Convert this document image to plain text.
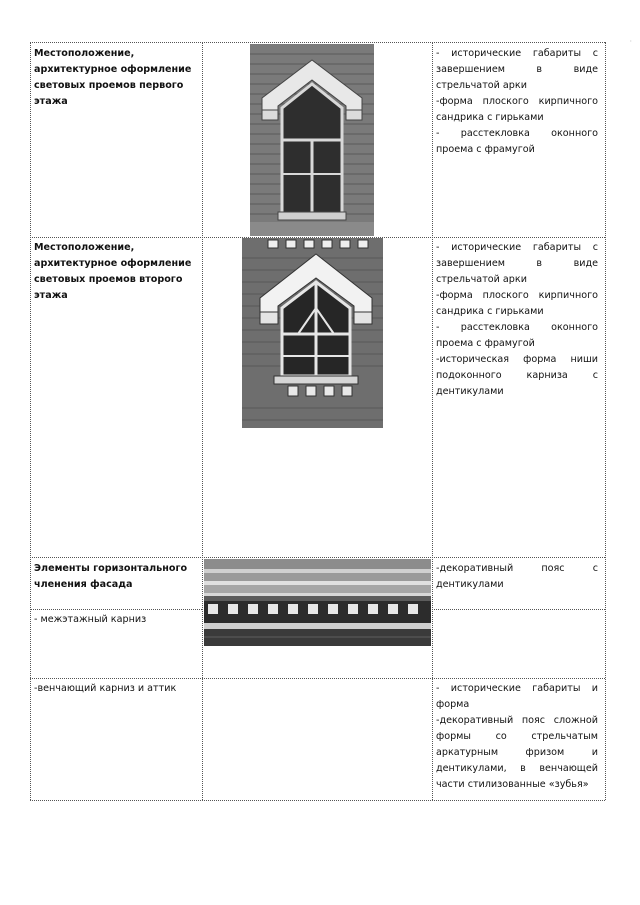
·
Местоположение, архитектурное оформление световых проемов первого этажа
- исторические габариты с завершением в виде стрельчатой арки
-форма плоского кирпичного сандрика с гирьками
- расстекловка оконного проема с фрамугой
Местоположение, архитектурное оформление световых проемов второго этажа
- исторические габариты с завершением в виде стрельчатой арки
-форма плоского кирпичного сандрика с гирьками
- расстекловка оконного проема с фрамугой
-историческая форма ниши подоконного карниза с дентикулами
Элементы горизонтального членения фасада
-декоративный пояс с дентикулами
- межэтажный карниз
-венчающий карниз и аттик	- исторические габариты и форма
-декоративный пояс сложной формы со стрельчатым аркатурным фризом и дентикулами, в венчающей части стилизованные «зубья»
